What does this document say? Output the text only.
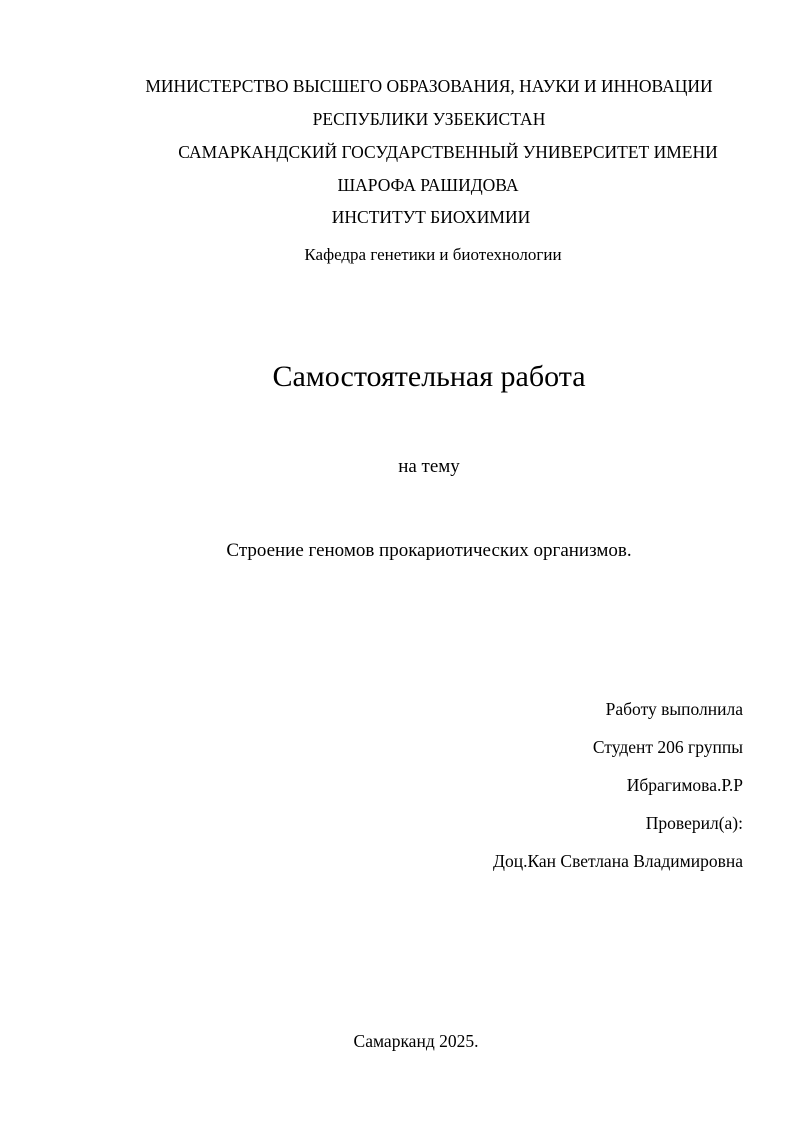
МИНИСТЕРСТВО ВЫСШЕГО ОБРАЗОВАНИЯ, НАУКИ И ИННОВАЦИИ
РЕСПУБЛИКИ УЗБЕКИСТАН
САМАРКАНДСКИЙ ГОСУДАРСТВЕННЫЙ УНИВЕРСИТЕТ ИМЕНИ
ШАРОФА РАШИДОВА
ИНСТИТУТ БИОХИМИИ
Кафедра генетики и биотехнологии
Самостоятельная работа
на тему
Строение геномов прокариотических организмов.
Работу выполнила
Студент 206 группы
Ибрагимова.Р.Р
Проверил(а):
Доц.Кан Светлана Владимировна
Самарканд 2025.
